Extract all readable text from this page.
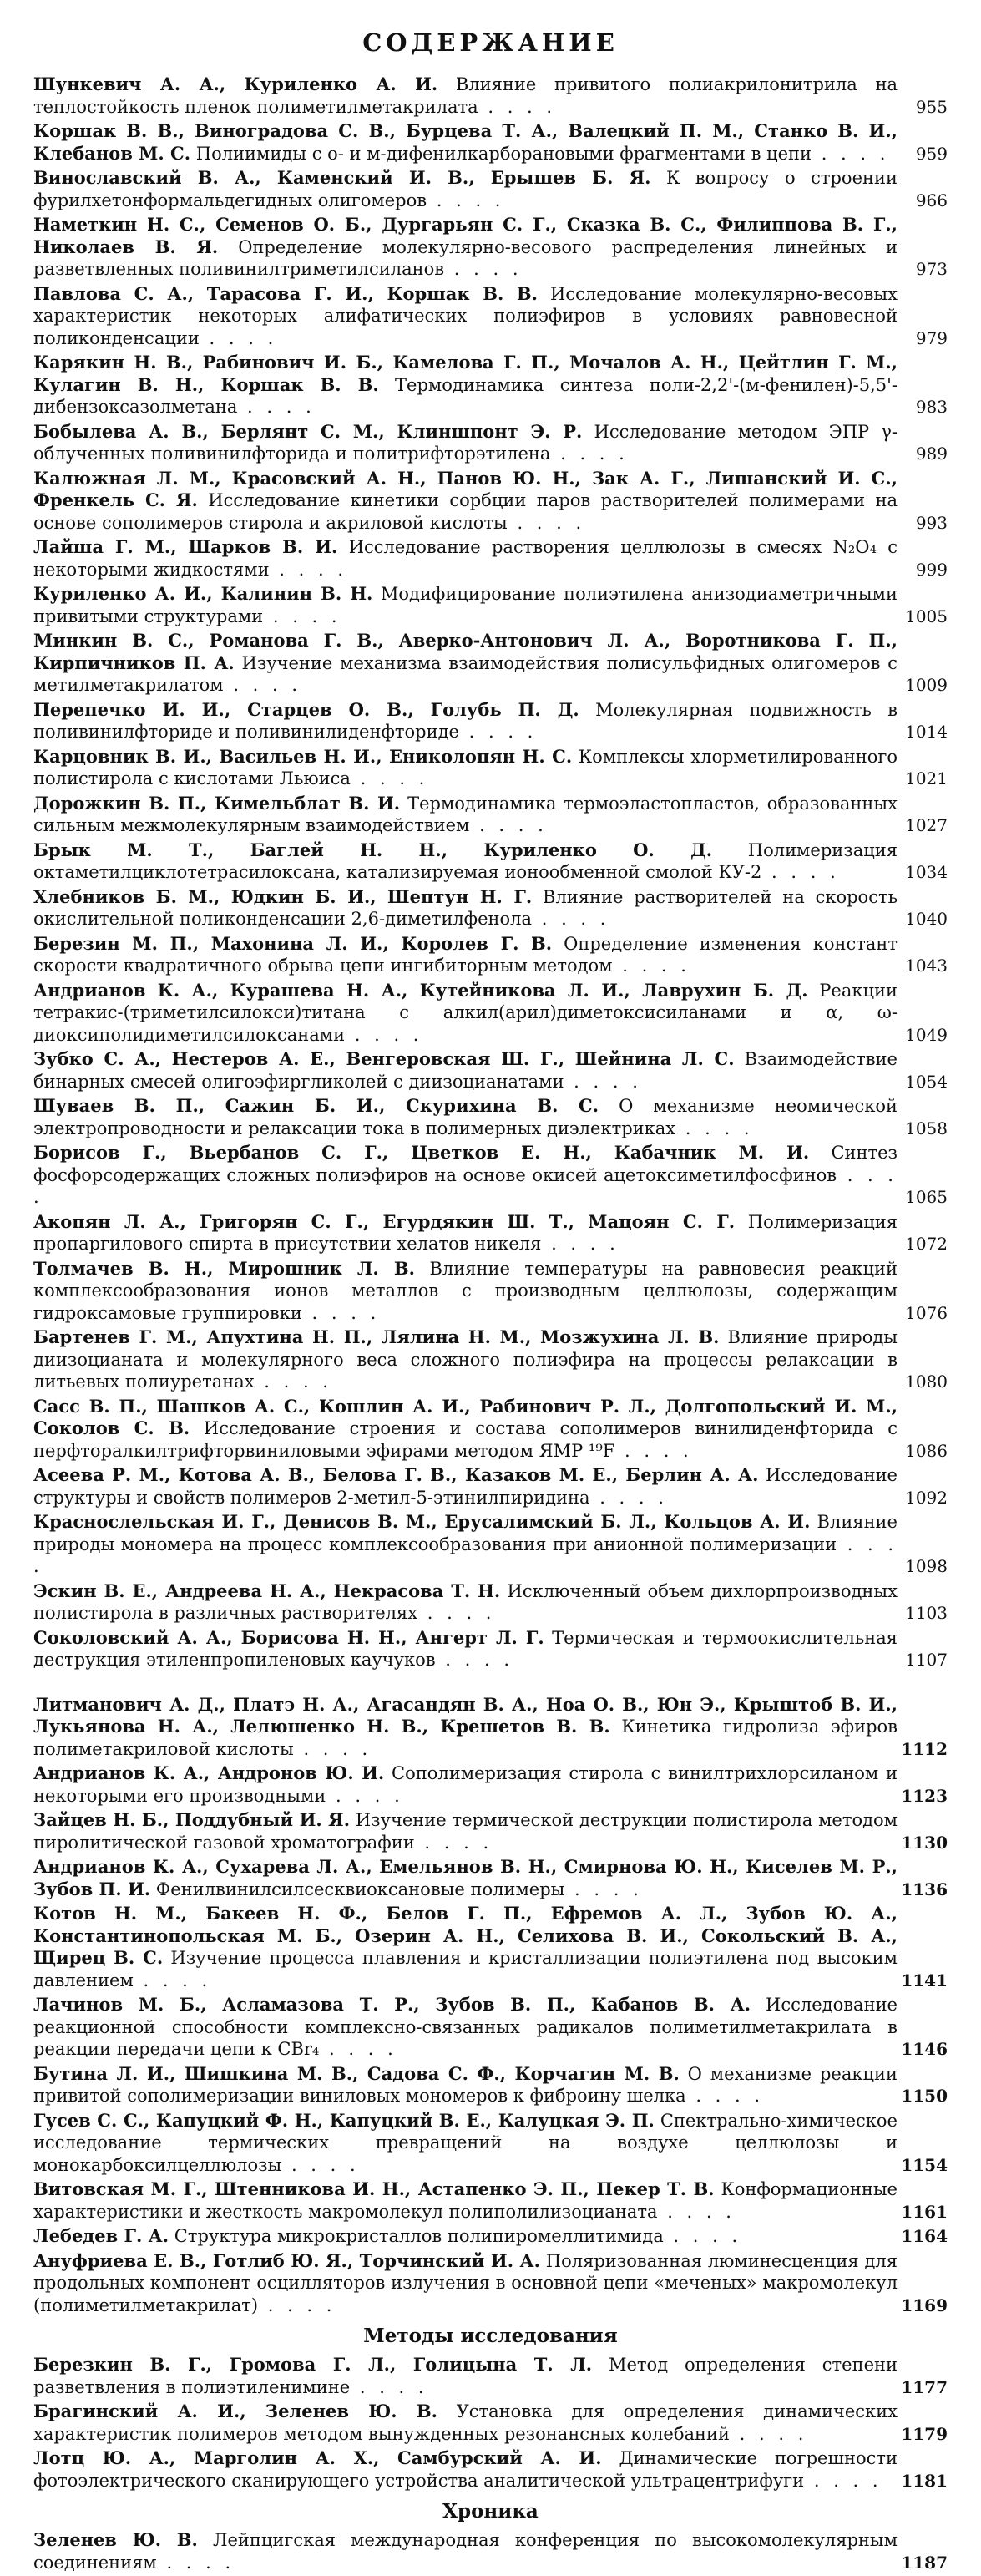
СОДЕРЖАНИЕ
Шункевич А. А., Куриленко А. И. Влияние привитого полиакрилонитрила на теплостойкость пленок полиметилметакрилата . . . .	955
Коршак В. В., Виноградова С. В., Бурцева Т. А., Валецкий П. М., Станко В. И., Клебанов М. С. Полиимиды с о- и м-дифенилкарборановыми фрагментами в цепи . . . .	959
Винославский В. А., Каменский И. В., Ерышев Б. Я. К вопросу о строении фурилхетонформальдегидных олигомеров . . . .	966
Наметкин Н. С., Семенов О. Б., Дургарьян С. Г., Сказка В. С., Филиппова В. Г., Николаев В. Я. Определение молекулярно-весового распределения линейных и разветвленных поливинилтриметилсиланов . . . .	973
Павлова С. А., Тарасова Г. И., Коршак В. В. Исследование молекулярно-весовых характеристик некоторых алифатических полиэфиров в условиях равновесной поликонденсации . . . .	979
Карякин Н. В., Рабинович И. Б., Камелова Г. П., Мочалов А. Н., Цейтлин Г. М., Кулагин В. Н., Коршак В. В. Термодинамика синтеза поли-2,2'-(м-фенилен)-5,5'-дибензоксазолметана . . . .	983
Бобылева А. В., Берлянт С. М., Клиншпонт Э. Р. Исследование методом ЭПР γ-облученных поливинилфторида и политрифторэтилена . . . .	989
Калюжная Л. М., Красовский А. Н., Панов Ю. Н., Зак А. Г., Лишанский И. С., Френкель С. Я. Исследование кинетики сорбции паров растворителей полимерами на основе сополимеров стирола и акриловой кислоты . . . .	993
Лайша Г. М., Шарков В. И. Исследование растворения целлюлозы в смесях N₂O₄ с некоторыми жидкостями . . . .	999
Куриленко А. И., Калинин В. Н. Модифицирование полиэтилена анизодиаметричными привитыми структурами . . . .	1005
Минкин В. С., Романова Г. В., Аверко-Антонович Л. А., Воротникова Г. П., Кирпичников П. А. Изучение механизма взаимодействия полисульфидных олигомеров с метилметакрилатом . . . .	1009
Перепечко И. И., Старцев О. В., Голубь П. Д. Молекулярная подвижность в поливинилфториде и поливинилиденфториде . . . .	1014
Карцовник В. И., Васильев Н. И., Ениколопян Н. С. Комплексы хлорметилированного полистирола с кислотами Льюиса . . . .	1021
Дорожкин В. П., Кимельблат В. И. Термодинамика термоэластопластов, образованных сильным межмолекулярным взаимодействием . . . .	1027
Брык М. Т., Баглей Н. Н., Куриленко О. Д. Полимеризация октаметилциклотетрасилоксана, катализируемая ионообменной смолой КУ-2 . . . .	1034
Хлебников Б. М., Юдкин Б. И., Шептун Н. Г. Влияние растворителей на скорость окислительной поликонденсации 2,6-диметилфенола . . . .	1040
Березин М. П., Махонина Л. И., Королев Г. В. Определение изменения констант скорости квадратичного обрыва цепи ингибиторным методом . . . .	1043
Андрианов К. А., Курашева Н. А., Кутейникова Л. И., Лаврухин Б. Д. Реакции тетракис-(триметилсилокси)титана с алкил(арил)диметоксисиланами и α, ω-диоксиполидиметилсилоксанами . . . .	1049
Зубко С. А., Нестеров А. Е., Венгеровская Ш. Г., Шейнина Л. С. Взаимодействие бинарных смесей олигоэфиргликолей с диизоцианатами . . . .	1054
Шуваев В. П., Сажин Б. И., Скурихина В. С. О механизме неомической электропроводности и релаксации тока в полимерных диэлектриках . . . .	1058
Борисов Г., Вьербанов С. Г., Цветков Е. Н., Кабачник М. И. Синтез фосфорсодержащих сложных полиэфиров на основе окисей ацетоксиметилфосфинов . . . .	1065
Акопян Л. А., Григорян С. Г., Егурдякин Ш. Т., Мацоян С. Г. Полимеризация пропаргилового спирта в присутствии хелатов никеля . . . .	1072
Толмачев В. Н., Мирошник Л. В. Влияние температуры на равновесия реакций комплексообразования ионов металлов с производным целлюлозы, содержащим гидроксамовые группировки . . . .	1076
Бартенев Г. М., Апухтина Н. П., Лялина Н. М., Мозжухина Л. В. Влияние природы диизоцианата и молекулярного веса сложного полиэфира на процессы релаксации в литьевых полиуретанах . . . .	1080
Сасс В. П., Шашков А. С., Кошлин А. И., Рабинович Р. Л., Долгопольский И. М., Соколов С. В. Исследование строения и состава сополимеров винилиденфторида с перфторалкилтрифторвиниловыми эфирами методом ЯМР ¹⁹F . . . .	1086
Асеева Р. М., Котова А. В., Белова Г. В., Казаков М. Е., Берлин А. А. Исследование структуры и свойств полимеров 2-метил-5-этинилпиридина . . . .	1092
Краснослельская И. Г., Денисов В. М., Ерусалимский Б. Л., Кольцов А. И. Влияние природы мономера на процесс комплексообразования при анионной полимеризации . . . .	1098
Эскин В. Е., Андреева Н. А., Некрасова Т. Н. Исключенный объем дихлорпроизводных полистирола в различных растворителях . . . .	1103
Соколовский А. А., Борисова Н. Н., Ангерт Л. Г. Термическая и термоокислительная деструкция этиленпропиленовых каучуков . . . .	1107
Литманович А. Д., Платэ Н. А., Агасандян В. А., Ноа О. В., Юн Э., Крыштоб В. И., Лукьянова Н. А., Лелюшенко Н. В., Крешетов В. В. Кинетика гидролиза эфиров полиметакриловой кислоты . . . .	1112
Андрианов К. А., Андронов Ю. И. Сополимеризация стирола с винилтрихлорсиланом и некоторыми его производными . . . .	1123
Зайцев Н. Б., Поддубный И. Я. Изучение термической деструкции полистирола методом пиролитической газовой хроматографии . . . .	1130
Андрианов К. А., Сухарева Л. А., Емельянов В. Н., Смирнова Ю. Н., Киселев М. Р., Зубов П. И. Фенилвинилсилсесквиоксановые полимеры . . . .	1136
Котов Н. М., Бакеев Н. Ф., Белов Г. П., Ефремов А. Л., Зубов Ю. А., Константинопольская М. Б., Озерин А. Н., Селихова В. И., Сокольский В. А., Щирец В. С. Изучение процесса плавления и кристаллизации полиэтилена под высоким давлением . . . .	1141
Лачинов М. Б., Асламазова Т. Р., Зубов В. П., Кабанов В. А. Исследование реакционной способности комплексно-связанных радикалов полиметилметакрилата в реакции передачи цепи к CBr₄ . . . .	1146
Бутина Л. И., Шишкина М. В., Садова С. Ф., Корчагин М. В. О механизме реакции привитой сополимеризации виниловых мономеров к фиброину шелка . . . .	1150
Гусев С. С., Капуцкий Ф. Н., Капуцкий В. Е., Калуцкая Э. П. Спектрально-химическое исследование термических превращений на воздухе целлюлозы и монокарбоксилцеллюлозы . . . .	1154
Витовская М. Г., Штенникова И. Н., Астапенко Э. П., Пекер Т. В. Конформационные характеристики и жесткость макромолекул полиполилизоцианата . . . .	1161
Лебедев Г. А. Структура микрокристаллов полипиромеллитимида . . . .	1164
Ануфриева Е. В., Готлиб Ю. Я., Торчинский И. А. Поляризованная люминесценция для продольных компонент осцилляторов излучения в основной цепи «меченых» макромолекул (полиметилметакрилат) . . . .	1169
Методы исследования
Березкин В. Г., Громова Г. Л., Голицына Т. Л. Метод определения степени разветвления в полиэтиленимине . . . .	1177
Брагинский А. И., Зеленев Ю. В. Установка для определения динамических характеристик полимеров методом вынужденных резонансных колебаний . . . .	1179
Лотц Ю. А., Марголин А. Х., Самбурский А. И. Динамические погрешности фотоэлектрического сканирующего устройства аналитической ультрацентрифуги . . . .	1181
Хроника
Зеленев Ю. В. Лейпцигская международная конференция по высокомолекулярным соединениям . . . .	1187
